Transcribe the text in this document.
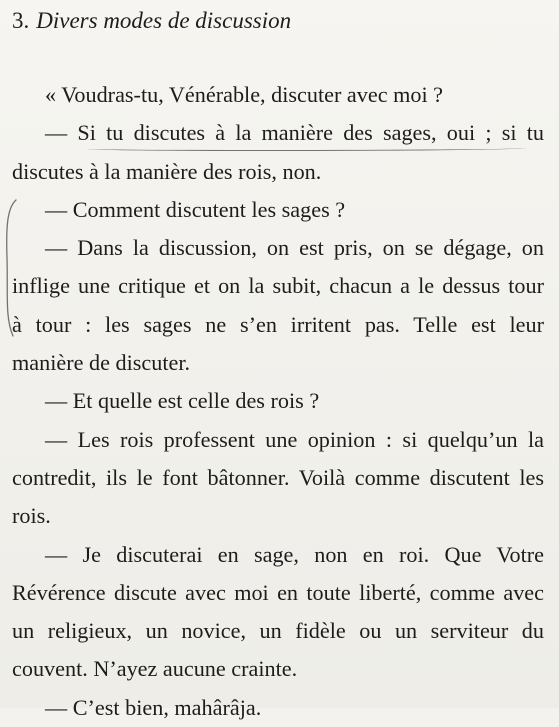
3. Divers modes de discussion
« Voudras-tu, Vénérable, discuter avec moi ?
— Si tu discutes à la manière des sages, oui ; si tu
discutes à la manière des rois, non.
— Comment discutent les sages ?
— Dans la discussion, on est pris, on se dégage, on
inflige une critique et on la subit, chacun a le dessus tour
à tour : les sages ne s’en irritent pas. Telle est leur
manière de discuter.
— Et quelle est celle des rois ?
— Les rois professent une opinion : si quelqu’un la
contredit, ils le font bâtonner. Voilà comme discutent les
rois.
— Je discuterai en sage, non en roi. Que Votre
Révérence discute avec moi en toute liberté, comme avec
un religieux, un novice, un fidèle ou un serviteur du
couvent. N’ayez aucune crainte.
— C’est bien, mahârâja.
